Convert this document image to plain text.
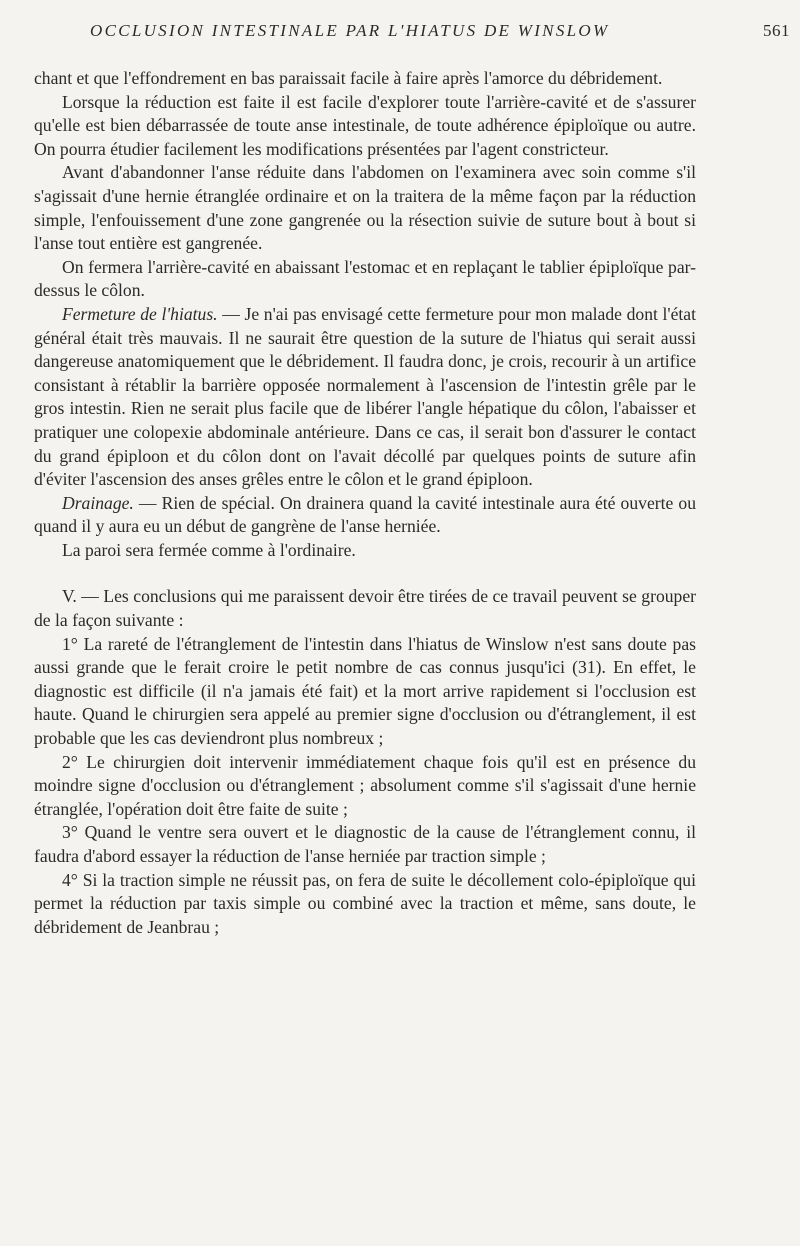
OCCLUSION INTESTINALE PAR L'HIATUS DE WINSLOW	561

chant et que l'effondrement en bas paraissait facile à faire après l'amorce du débridement.

Lorsque la réduction est faite il est facile d'explorer toute l'arrière-cavité et de s'assurer qu'elle est bien débarrassée de toute anse intestinale, de toute adhérence épiploïque ou autre. On pourra étudier facilement les modifications présentées par l'agent constricteur.

Avant d'abandonner l'anse réduite dans l'abdomen on l'examinera avec soin comme s'il s'agissait d'une hernie étranglée ordinaire et on la traitera de la même façon par la réduction simple, l'enfouissement d'une zone gangrenée ou la résection suivie de suture bout à bout si l'anse tout entière est gangrenée.

On fermera l'arrière-cavité en abaissant l'estomac et en replaçant le tablier épiploïque par-dessus le côlon.

Fermeture de l'hiatus. — Je n'ai pas envisagé cette fermeture pour mon malade dont l'état général était très mauvais. Il ne saurait être question de la suture de l'hiatus qui serait aussi dangereuse anatomiquement que le débridement. Il faudra donc, je crois, recourir à un artifice consistant à rétablir la barrière opposée normalement à l'ascension de l'intestin grêle par le gros intestin. Rien ne serait plus facile que de libérer l'angle hépatique du côlon, l'abaisser et pratiquer une colopexie abdominale antérieure. Dans ce cas, il serait bon d'assurer le contact du grand épiploon et du côlon dont on l'avait décollé par quelques points de suture afin d'éviter l'ascension des anses grêles entre le côlon et le grand épiploon.

Drainage. — Rien de spécial. On drainera quand la cavité intestinale aura été ouverte ou quand il y aura eu un début de gangrène de l'anse herniée.

La paroi sera fermée comme à l'ordinaire.

V. — Les conclusions qui me paraissent devoir être tirées de ce travail peuvent se grouper de la façon suivante :

1° La rareté de l'étranglement de l'intestin dans l'hiatus de Winslow n'est sans doute pas aussi grande que le ferait croire le petit nombre de cas connus jusqu'ici (31). En effet, le diagnostic est difficile (il n'a jamais été fait) et la mort arrive rapidement si l'occlusion est haute. Quand le chirurgien sera appelé au premier signe d'occlusion ou d'étranglement, il est probable que les cas deviendront plus nombreux ;

2° Le chirurgien doit intervenir immédiatement chaque fois qu'il est en présence du moindre signe d'occlusion ou d'étranglement ; absolument comme s'il s'agissait d'une hernie étranglée, l'opération doit être faite de suite ;

3° Quand le ventre sera ouvert et le diagnostic de la cause de l'étranglement connu, il faudra d'abord essayer la réduction de l'anse herniée par traction simple ;

4° Si la traction simple ne réussit pas, on fera de suite le décollement colo-épiploïque qui permet la réduction par taxis simple ou combiné avec la traction et même, sans doute, le débridement de Jeanbrau ;
